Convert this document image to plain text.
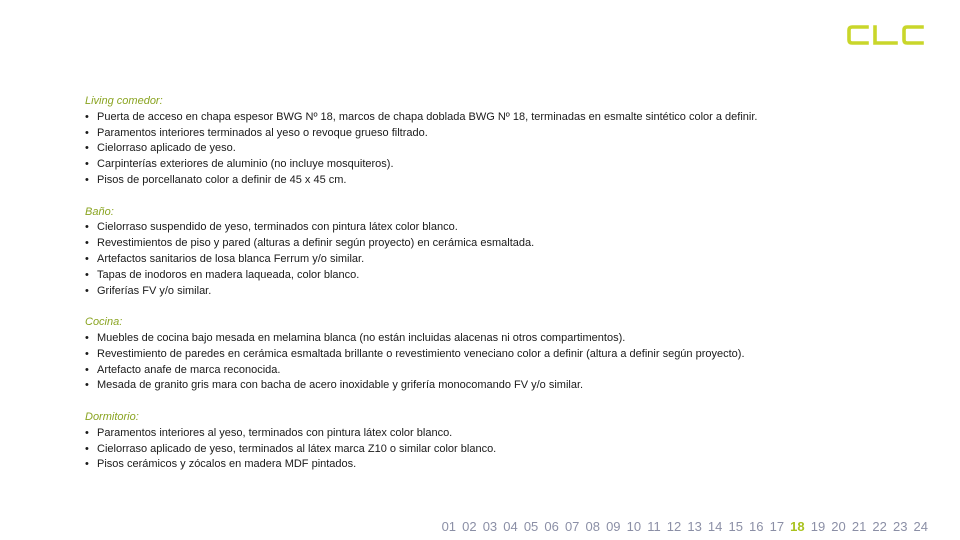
Living comedor:

• Puerta de acceso en chapa espesor BWG Nº 18, marcos de chapa doblada BWG Nº 18, terminadas en esmalte sintético color a definir.
• Paramentos interiores terminados al yeso o revoque grueso filtrado.
• Cielorraso aplicado de yeso.
• Carpinterías exteriores de aluminio (no incluye mosquiteros).
• Pisos de porcellanato color a definir de 45 x 45 cm.

Baño:

• Cielorraso suspendido de yeso, terminados con pintura látex color blanco.
• Revestimientos de piso y pared (alturas a definir según proyecto) en cerámica esmaltada.
• Artefactos sanitarios de losa blanca Ferrum y/o similar.
• Tapas de inodoros en madera laqueada, color blanco.
• Griferías FV y/o similar.

Cocina:

• Muebles de cocina bajo mesada en melamina blanca (no están incluidas alacenas ni otros compartimentos).
• Revestimiento de paredes en cerámica esmaltada brillante o revestimiento veneciano color a definir (altura a definir según proyecto).
• Artefacto anafe de marca reconocida.
• Mesada de granito gris mara con bacha de acero inoxidable y grifería monocomando FV y/o similar.

Dormitorio:

• Paramentos interiores al yeso, terminados con pintura látex color blanco.
• Cielorraso aplicado de yeso, terminados al látex marca Z10 o similar color blanco.
• Pisos cerámicos y zócalos en madera MDF pintados.
01 02 03 04 05 06 07 08 09 10 11 12 13 14 15 16 17 18 19 20 21 22 23 24
